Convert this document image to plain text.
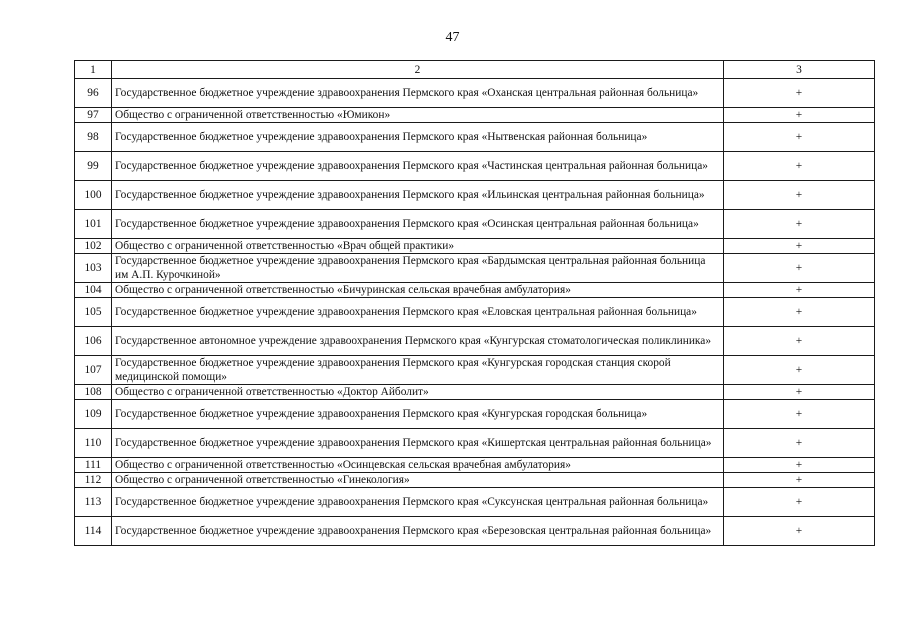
47
1	2	3
96	Государственное бюджетное учреждение здравоохранения Пермского края «Оханская центральная районная больница»	+
97	Общество с ограниченной ответственностью «Юмикон»	+
98	Государственное бюджетное учреждение здравоохранения Пермского края «Нытвенская районная больница»	+
99	Государственное бюджетное учреждение здравоохранения Пермского края «Частинская центральная районная больница»	+
100	Государственное бюджетное учреждение здравоохранения Пермского края «Ильинская центральная районная больница»	+
101	Государственное бюджетное учреждение здравоохранения Пермского края «Осинская центральная районная больница»	+
102	Общество с ограниченной ответственностью «Врач общей практики»	+
103	Государственное бюджетное учреждение здравоохранения Пермского края «Бардымская центральная районная больница им А.П. Курочкиной»	+
104	Общество с ограниченной ответственностью «Бичуринская сельская врачебная амбулатория»	+
105	Государственное бюджетное учреждение здравоохранения Пермского края «Еловская центральная районная больница»	+
106	Государственное автономное учреждение здравоохранения Пермского края «Кунгурская стоматологическая поликлиника»	+
107	Государственное бюджетное учреждение здравоохранения Пермского края «Кунгурская городская станция скорой медицинской помощи»	+
108	Общество с ограниченной ответственностью «Доктор Айболит»	+
109	Государственное бюджетное учреждение здравоохранения Пермского края «Кунгурская городская больница»	+
110	Государственное бюджетное учреждение здравоохранения Пермского края «Кишертская центральная районная больница»	+
111	Общество с ограниченной ответственностью «Осинцевская сельская врачебная амбулатория»	+
112	Общество с ограниченной ответственностью «Гинекология»	+
113	Государственное бюджетное учреждение здравоохранения Пермского края «Суксунская центральная районная больница»	+
114	Государственное бюджетное учреждение здравоохранения Пермского края «Березовская центральная районная больница»	+
